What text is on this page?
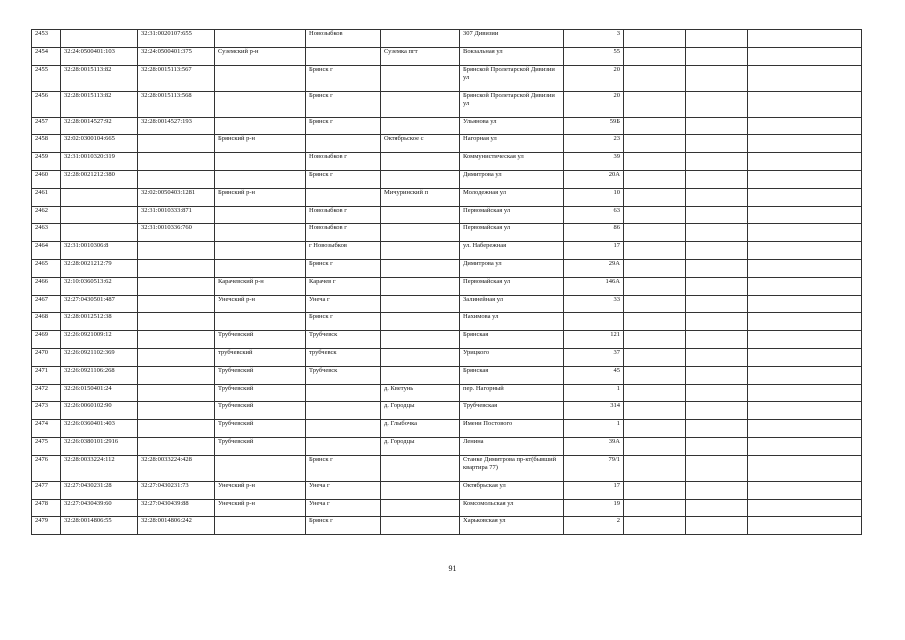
2453		32:31:0020107:655		Новозыбков		307 Дивизии	3			
2454	32:24:0500401:103	32:24:0500401:375	Суземский р-н		Суземка пгт	Вокзальная ул	55			
2455	32:28:0015113:82	32:28:0015113:567		Брянск г		Брянской Пролетарской Дивизии ул	20			
2456	32:28:0015113:82	32:28:0015113:568		Брянск г		Брянской Пролетарской Дивизии ул	20			
2457	32:28:0014527:92	32:28:0014527:193		Брянск г		Ульянова ул	59Б			
2458	32:02:0300104:665		Брянский р-н		Октябрьское с	Нагорная ул	23			
2459	32:31:0010320:319			Новозыбков г		Коммунистическая ул	39			
2460	32:28:0021212:380			Брянск г		Димитрова ул	20А			
2461		32:02:0050403:1281	Брянский р-н		Мичуринский п	Молодежная ул	10			
2462		32:31:0010333:871		Новозыбков г		Первомайская ул	63			
2463		32:31:0010336:760		Новозыбков г		Первомайская ул	86			
2464	32:31:0010306:8			г Новозыбков		ул. Набережная	17			
2465	32:28:0021212:79			Брянск г		Димитрова ул	29А			
2466	32:10:0360513:62		Карачевский р-н	Карачев г		Первомайская ул	146А			
2467	32:27:0430501:487		Унечский р-н	Унеча г		Залинейная ул	33			
2468	32:28:0012512:38			Брянск г		Нахимова ул				
2469	32:26:0921009:12		Трубчевский	Трубчевск		Брянская	121			
2470	32:26:0921102:369		трубчевский	трубчевск		Урицкого	37			
2471	32:26:0921106:268		Трубчевский	Трубчевск		Брянская	45			
2472	32:26:0150401:24		Трубчевский		д. Кветунь	пер. Нагорный	1			
2473	32:26:0060102:90		Трубчевский		д. Городцы	Трубчевская	314			
2474	32:26:0360401:403		Трубчевский		д. Глыбочка	Имени Постового	1			
2475	32:26:0380101:2916		Трубчевский		д. Городцы	Ленина	39А			
2476	32:28:0033224:112	32:28:0033224:428		Брянск г		Станке Димитрова пр-кт(бывший квартира 77)	79/1			
2477	32:27:0430231:28	32:27:0430231:73	Унечский р-н	Унеча г		Октябрьская ул	17			
2478	32:27:0430439:60	32:27:0430439:88	Унечский р-н	Унеча г		Комсомольская ул	19			
2479	32:28:0014806:55	32:28:0014806:242		Брянск г		Харьковская ул	2			
91
